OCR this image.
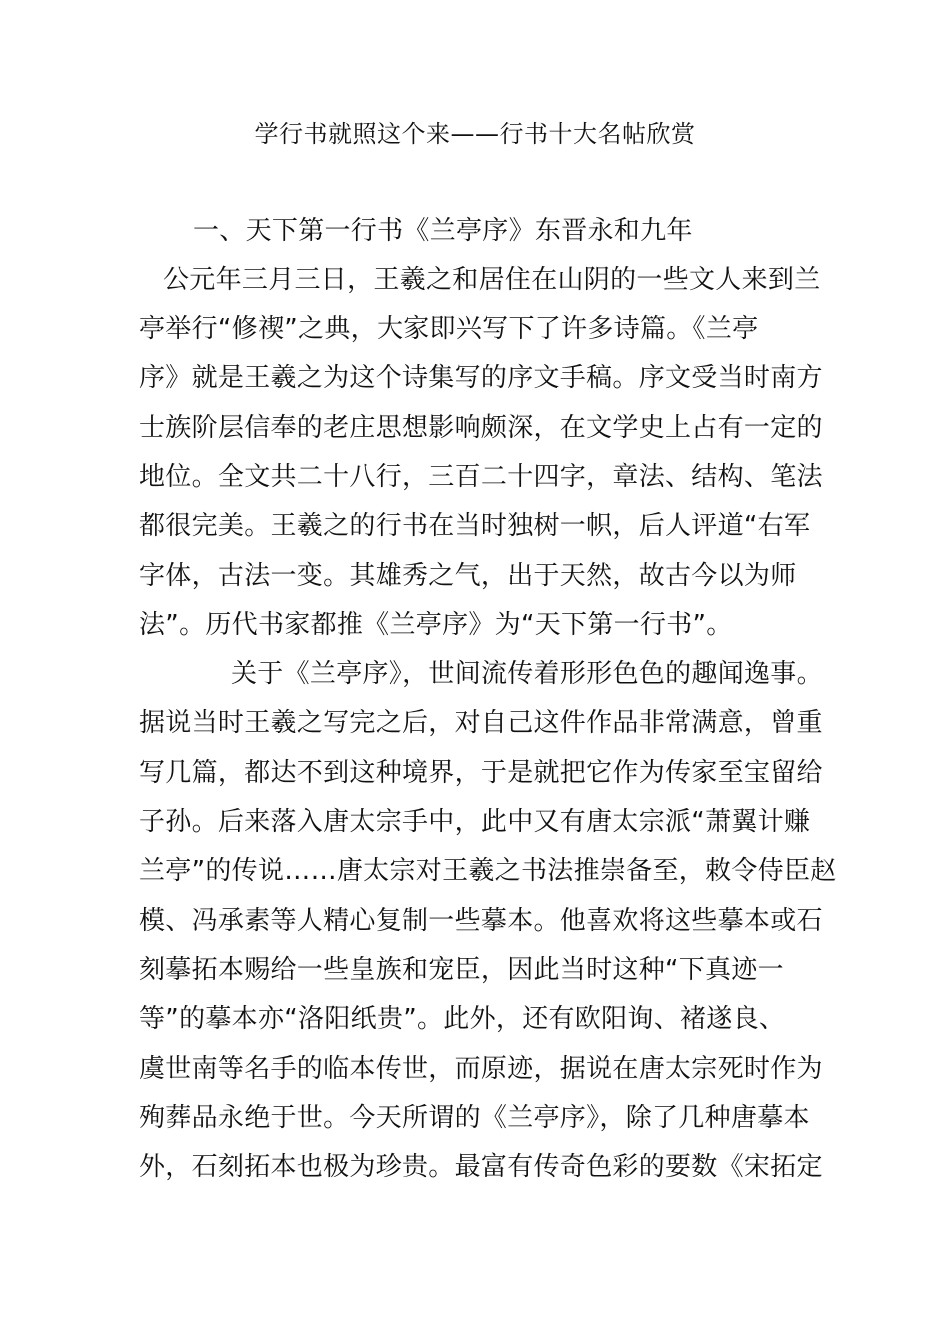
学行书就照这个来——行书十大名帖欣赏
一、天下第一行书《兰亭序》东晋永和九年
公元年三月三日，王羲之和居住在山阴的一些文人来到兰
亭举行“修禊”之典，大家即兴写下了许多诗篇。《兰亭
序》就是王羲之为这个诗集写的序文手稿。序文受当时南方
士族阶层信奉的老庄思想影响颇深，在文学史上占有一定的
地位。全文共二十八行，三百二十四字，章法、结构、笔法
都很完美。王羲之的行书在当时独树一帜，后人评道“右军
字体，古法一变。其雄秀之气，出于天然，故古今以为师
法”。历代书家都推《兰亭序》为“天下第一行书”。
关于《兰亭序》，世间流传着形形色色的趣闻逸事。
据说当时王羲之写完之后，对自己这件作品非常满意，曾重
写几篇，都达不到这种境界，于是就把它作为传家至宝留给
子孙。后来落入唐太宗手中，此中又有唐太宗派“萧翼计赚
兰亭”的传说……唐太宗对王羲之书法推崇备至，敕令侍臣赵
模、冯承素等人精心复制一些摹本。他喜欢将这些摹本或石
刻摹拓本赐给一些皇族和宠臣，因此当时这种“下真迹一
等”的摹本亦“洛阳纸贵”。此外，还有欧阳询、褚遂良、
虞世南等名手的临本传世，而原迹，据说在唐太宗死时作为
殉葬品永绝于世。今天所谓的《兰亭序》，除了几种唐摹本
外，石刻拓本也极为珍贵。最富有传奇色彩的要数《宋拓定
